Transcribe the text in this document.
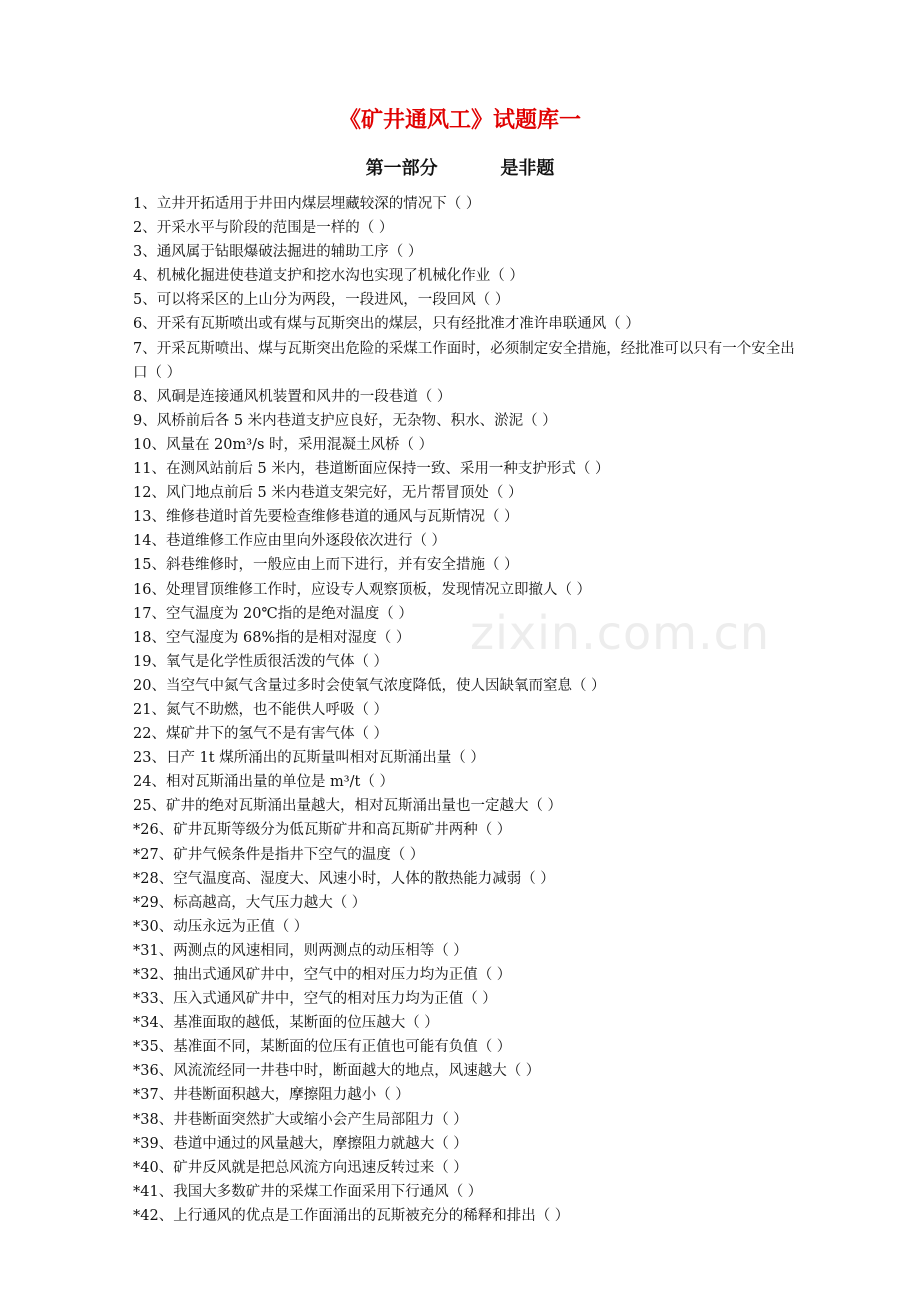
zixin.com.cn
《矿井通风工》试题库一
第一部分          是非题
1、立井开拓适用于井田内煤层埋藏较深的情况下（ ）
2、开采水平与阶段的范围是一样的（ ）
3、通风属于钻眼爆破法掘进的辅助工序（ ）
4、机械化掘进使巷道支护和挖水沟也实现了机械化作业（ ）
5、可以将采区的上山分为两段，一段进风，一段回风（ ）
6、开采有瓦斯喷出或有煤与瓦斯突出的煤层，只有经批准才准许串联通风（ ）
7、开采瓦斯喷出、煤与瓦斯突出危险的采煤工作面时，必须制定安全措施，经批准可以只有一个安全出口（ ）
8、风硐是连接通风机装置和风井的一段巷道（ ）
9、风桥前后各 5 米内巷道支护应良好，无杂物、积水、淤泥（ ）
10、风量在 20m³/s 时，采用混凝土风桥（ ）
11、在测风站前后 5 米内，巷道断面应保持一致、采用一种支护形式（ ）
12、风门地点前后 5 米内巷道支架完好，无片帮冒顶处（ ）
13、维修巷道时首先要检查维修巷道的通风与瓦斯情况（ ）
14、巷道维修工作应由里向外逐段依次进行（ ）
15、斜巷维修时，一般应由上而下进行，并有安全措施（ ）
16、处理冒顶维修工作时，应设专人观察顶板，发现情况立即撤人（ ）
17、空气温度为 20℃指的是绝对温度（ ）
18、空气湿度为 68%指的是相对湿度（ ）
19、氧气是化学性质很活泼的气体（ ）
20、当空气中氮气含量过多时会使氧气浓度降低，使人因缺氧而窒息（ ）
21、氮气不助燃，也不能供人呼吸（ ）
22、煤矿井下的氢气不是有害气体（ ）
23、日产 1t 煤所涌出的瓦斯量叫相对瓦斯涌出量（ ）
24、相对瓦斯涌出量的单位是 m³/t（ ）
25、矿井的绝对瓦斯涌出量越大，相对瓦斯涌出量也一定越大（ ）
*26、矿井瓦斯等级分为低瓦斯矿井和高瓦斯矿井两种（ ）
*27、矿井气候条件是指井下空气的温度（ ）
*28、空气温度高、湿度大、风速小时，人体的散热能力减弱（ ）
*29、标高越高，大气压力越大（ ）
*30、动压永远为正值（ ）
*31、两测点的风速相同，则两测点的动压相等（ ）
*32、抽出式通风矿井中，空气中的相对压力均为正值（ ）
*33、压入式通风矿井中，空气的相对压力均为正值（ ）
*34、基准面取的越低，某断面的位压越大（ ）
*35、基准面不同，某断面的位压有正值也可能有负值（ ）
*36、风流流经同一井巷中时，断面越大的地点，风速越大（ ）
*37、井巷断面积越大，摩擦阻力越小（ ）
*38、井巷断面突然扩大或缩小会产生局部阻力（ ）
*39、巷道中通过的风量越大，摩擦阻力就越大（ ）
*40、矿井反风就是把总风流方向迅速反转过来（ ）
*41、我国大多数矿井的采煤工作面采用下行通风（ ）
*42、上行通风的优点是工作面涌出的瓦斯被充分的稀释和排出（ ）
